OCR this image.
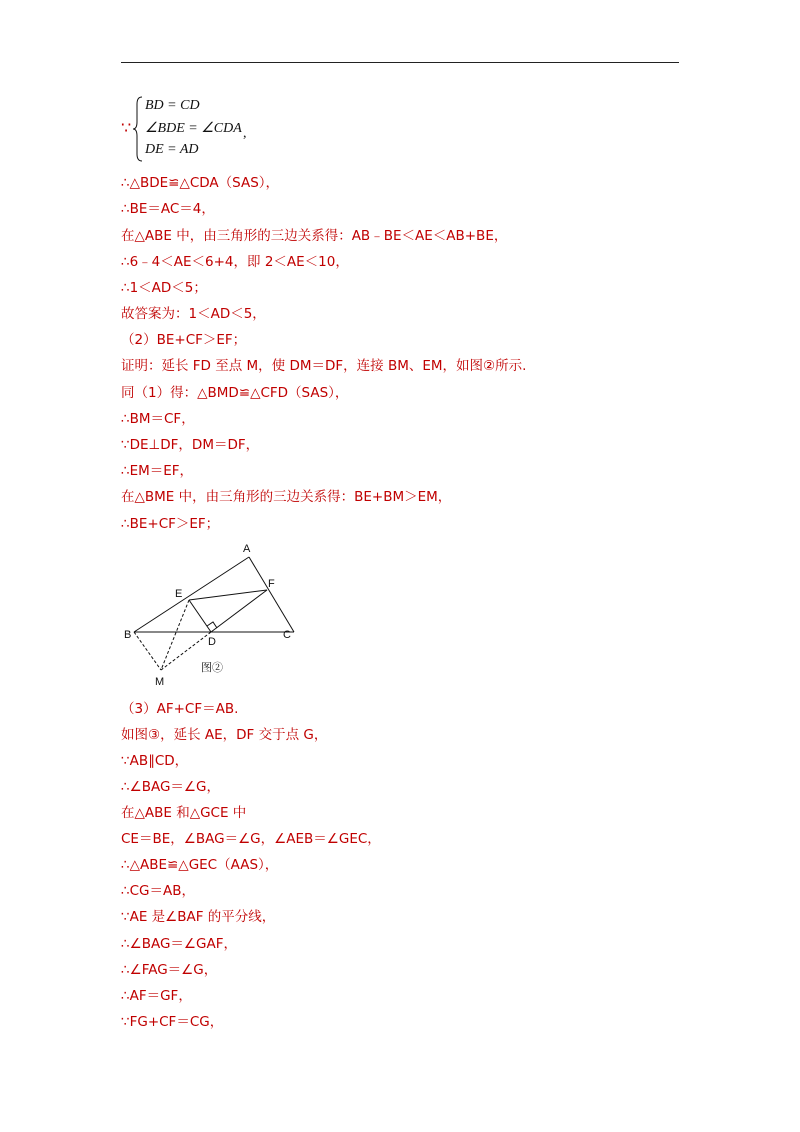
∵
BD = CD
∠BDE = ∠CDA
DE = AD
,
∴△BDE≌△CDA（SAS），
∴BE＝AC＝4，
在△ABE 中，由三角形的三边关系得：AB﹣BE＜AE＜AB+BE，
∴6﹣4＜AE＜6+4，即 2＜AE＜10，
∴1＜AD＜5；
故答案为：1＜AD＜5，
（2）BE+CF＞EF；
证明：延长 FD 至点 M，使 DM＝DF，连接 BM、EM，如图②所示.
同（1）得：△BMD≌△CFD（SAS），
∴BM＝CF，
∵DE⊥DF，DM＝DF，
∴EM＝EF，
在△BME 中，由三角形的三边关系得：BE+BM＞EM，
∴BE+CF＞EF；
A
B	C
D
E
F
M
图②
（3）AF+CF＝AB.
如图③，延长 AE，DF 交于点 G，
∵AB∥CD，
∴∠BAG＝∠G，
在△ABE 和△GCE 中
CE＝BE，∠BAG＝∠G，∠AEB＝∠GEC，
∴△ABE≌△GEC（AAS），
∴CG＝AB，
∵AE 是∠BAF 的平分线，
∴∠BAG＝∠GAF，
∴∠FAG＝∠G，
∴AF＝GF，
∵FG+CF＝CG，
